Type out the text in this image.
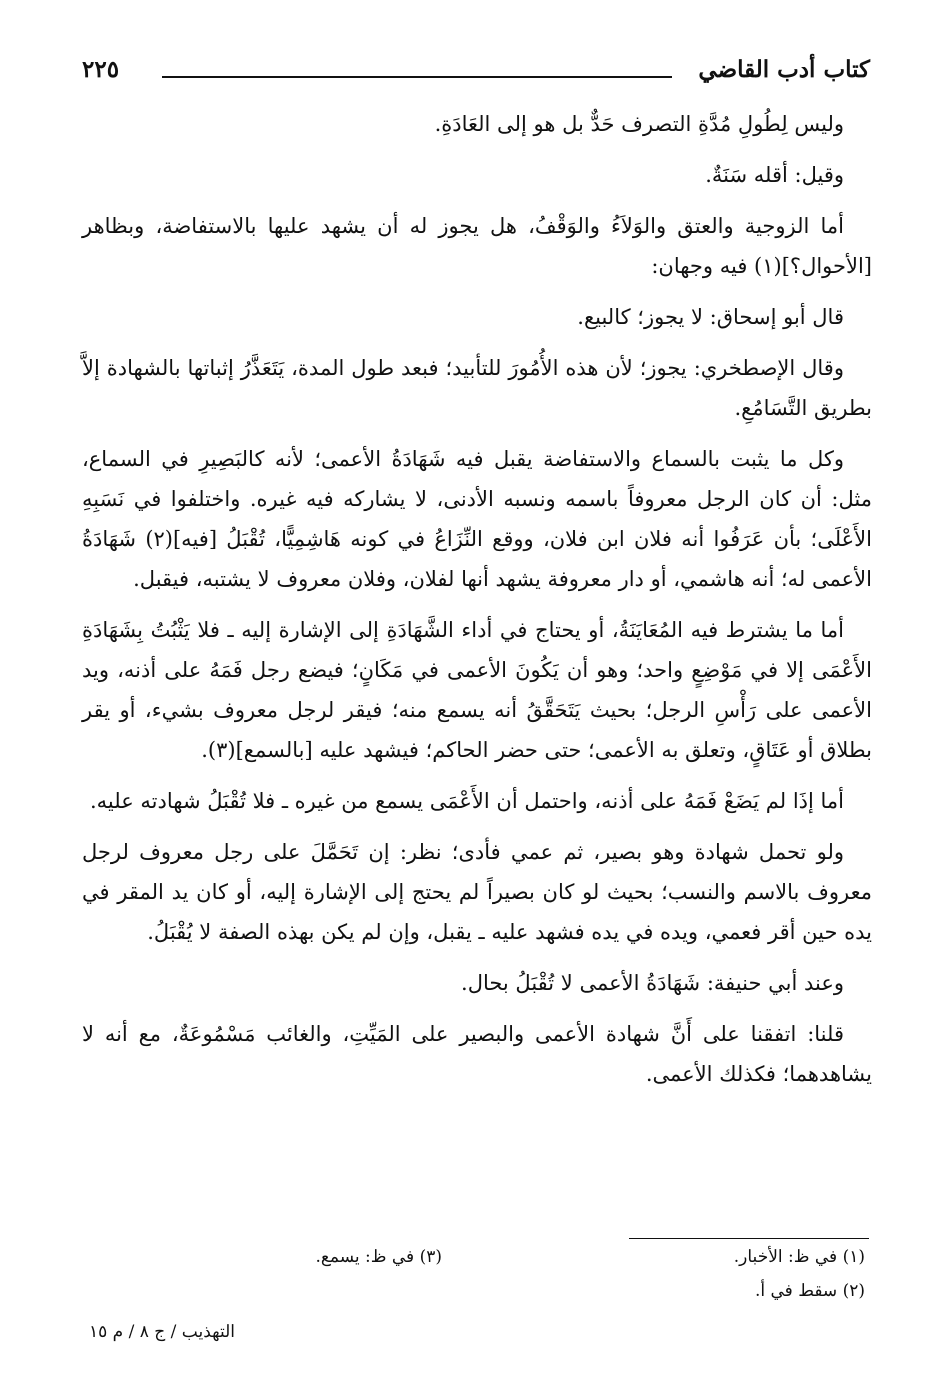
كتاب أدب القاضي
٢٢٥

وليس لِطُولِ مُدَّةِ التصرف حَدٌّ بل هو إلى العَادَةِ.

وقيل: أقله سَنَةٌ.

أما الزوجية والعتق والوَلاَءُ والوَقْفُ، هل يجوز له أن يشهد عليها بالاستفاضة، وبظاهر [الأحوال؟](١) فيه وجهان:

قال أبو إسحاق: لا يجوز؛ كالبيع.

وقال الإصطخري: يجوز؛ لأن هذه الأُمُورَ للتأبيد؛ فبعد طول المدة، يَتَعَذَّرُ إثباتها بالشهادة إلاَّ بطريق التَّسَامُعِ.

وكل ما يثبت بالسماع والاستفاضة يقبل فيه شَهَادَةُ الأعمى؛ لأنه كالبَصِيرِ في السماع، مثل: أن كان الرجل معروفاً باسمه ونسبه الأدنى، لا يشاركه فيه غيره. واختلفوا في نَسَبِهِ الأَعْلَى؛ بأن عَرَفُوا أنه فلان ابن فلان، ووقع النِّزَاعُ في كونه هَاشِمِيًّا، تُقْبَلُ [فيه](٢) شَهَادَةُ الأعمى له؛ أنه هاشمي، أو دار معروفة يشهد أنها لفلان، وفلان معروف لا يشتبه، فيقبل.

أما ما يشترط فيه المُعَايَنَةُ، أو يحتاج في أداء الشَّهَادَةِ إلى الإشارة إليه ـ فلا يَثْبُتُ بِشَهَادَةِ الأَعْمَى إلا في مَوْضِعٍ واحد؛ وهو أن يَكُونَ الأعمى في مَكَانٍ؛ فيضع رجل فَمَهُ على أذنه، ويد الأعمى على رَأْسِ الرجل؛ بحيث يَتَحَقَّقُ أنه يسمع منه؛ فيقر لرجل معروف بشيء، أو يقر بطلاق أو عَتَاقٍ، وتعلق به الأعمى؛ حتى حضر الحاكم؛ فيشهد عليه [بالسمع](٣).

أما إذَا لم يَضَعْ فَمَهُ على أذنه، واحتمل أن الأَعْمَى يسمع من غيره ـ فلا تُقْبَلُ شهادته عليه.

ولو تحمل شهادة وهو بصير، ثم عمي فأدى؛ نظر: إن تَحَمَّلَ على رجل معروف لرجل معروف بالاسم والنسب؛ بحيث لو كان بصيراً لم يحتج إلى الإشارة إليه، أو كان يد المقر في يده حين أقر فعمي، ويده في يده فشهد عليه ـ يقبل، وإن لم يكن بهذه الصفة لا يُقْبَلُ.

وعند أبي حنيفة: شَهَادَةُ الأعمى لا تُقْبَلُ بحال.

قلنا: اتفقنا على أَنَّ شهادة الأعمى والبصير على المَيِّتِ، والغائب مَسْمُوعَةٌ، مع أنه لا يشاهدهما؛ فكذلك الأعمى.

(١) في ظ: الأخبار.
(٢) سقط في أ.
(٣) في ظ: يسمع.
التهذيب / ج ٨ / م ١٥
